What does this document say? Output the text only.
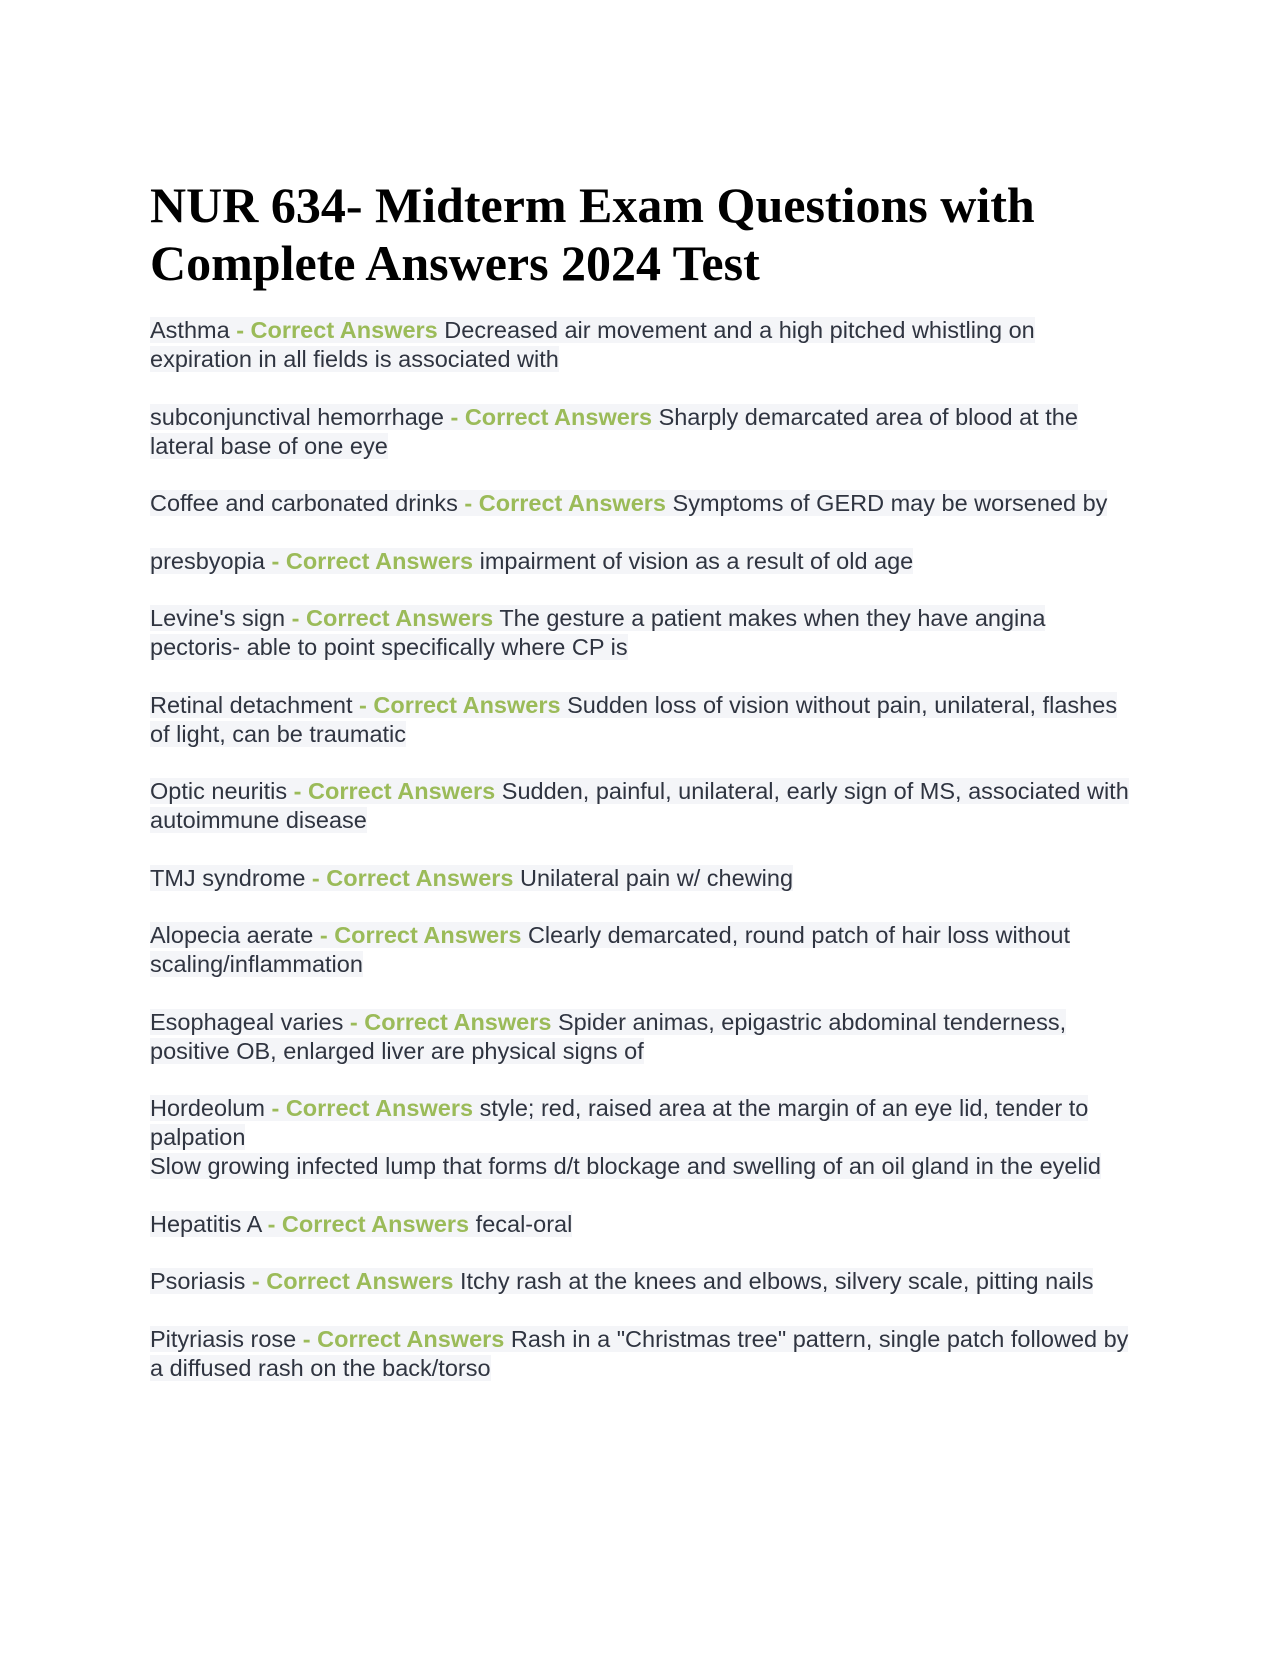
NUR 634- Midterm Exam Questions with Complete Answers 2024 Test
Asthma - Correct Answers Decreased air movement and a high pitched whistling on expiration in all fields is associated with
subconjunctival hemorrhage - Correct Answers Sharply demarcated area of blood at the lateral base of one eye
Coffee and carbonated drinks - Correct Answers Symptoms of GERD may be worsened by
presbyopia - Correct Answers impairment of vision as a result of old age
Levine's sign - Correct Answers The gesture a patient makes when they have angina pectoris- able to point specifically where CP is
Retinal detachment - Correct Answers Sudden loss of vision without pain, unilateral, flashes of light, can be traumatic
Optic neuritis - Correct Answers Sudden, painful, unilateral, early sign of MS, associated with autoimmune disease
TMJ syndrome - Correct Answers Unilateral pain w/ chewing
Alopecia aerate - Correct Answers Clearly demarcated, round patch of hair loss without scaling/inflammation
Esophageal varies - Correct Answers Spider animas, epigastric abdominal tenderness, positive OB, enlarged liver are physical signs of
Hordeolum - Correct Answers style; red, raised area at the margin of an eye lid, tender to palpation
Slow growing infected lump that forms d/t blockage and swelling of an oil gland in the eyelid
Hepatitis A - Correct Answers fecal-oral
Psoriasis - Correct Answers Itchy rash at the knees and elbows, silvery scale, pitting nails
Pityriasis rose - Correct Answers Rash in a "Christmas tree" pattern, single patch followed by a diffused rash on the back/torso
